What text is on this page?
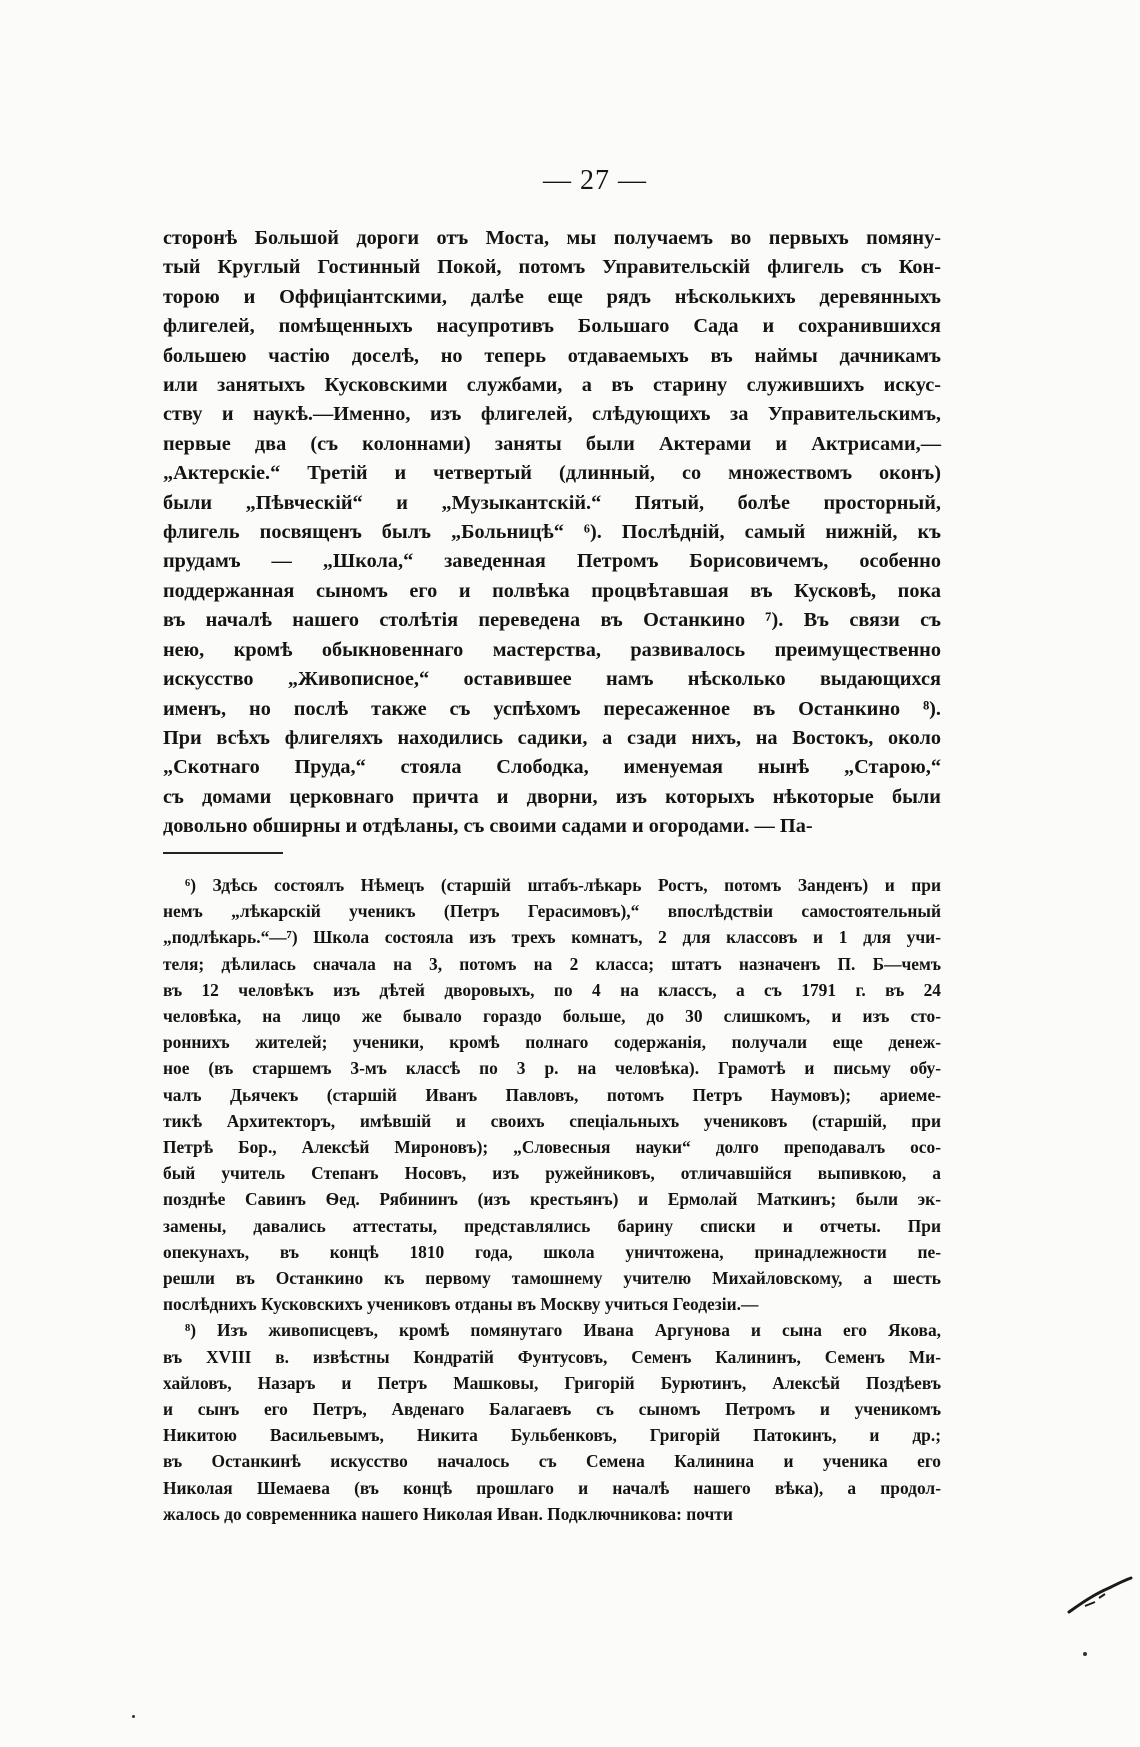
— 27 —
сторонѣ Большой дороги отъ Моста, мы получаемъ во первыхъ помяну-
тый Круглый Гостинный Покой, потомъ Управительскій флигель съ Кон-
торою и Оффиціантскими, далѣе еще рядъ нѣсколькихъ деревянныхъ
флигелей, помѣщенныхъ насупротивъ Большаго Сада и сохранившихся
большею частію доселѣ, но теперь отдаваемыхъ въ наймы дачникамъ
или занятыхъ Кусковскими службами, а въ старину служившихъ искус-
ству и наукѣ.—Именно, изъ флигелей, слѣдующихъ за Управительскимъ,
первые два (съ колоннами) заняты были Актерами и Актрисами,—
„Актерскіе.“ Третій и четвертый (длинный, со множествомъ оконъ)
были „Пѣвческій“ и „Музыкантскій.“ Пятый, болѣе просторный,
флигель посвященъ былъ „Больницѣ“ ⁶). Послѣдній, самый нижній, къ
прудамъ — „Школа,“ заведенная Петромъ Борисовичемъ, особенно
поддержанная сыномъ его и полвѣка процвѣтавшая въ Кусковѣ, пока
въ началѣ нашего столѣтія переведена въ Останкино ⁷). Въ связи съ
нею, кромѣ обыкновеннаго мастерства, развивалось преимущественно
искусство „Живописное,“ оставившее намъ нѣсколько выдающихся
именъ, но послѣ также съ успѣхомъ пересаженное въ Останкино ⁸).
При всѣхъ флигеляхъ находились садики, а сзади нихъ, на Востокъ, около
„Скотнаго Пруда,“ стояла Слободка, именуемая нынѣ „Старою,“
съ домами церковнаго причта и дворни, изъ которыхъ нѣкоторые были
довольно обширны и отдѣланы, съ своими садами и огородами. — Па-
⁶) Здѣсь состоялъ Нѣмецъ (старшій штабъ-лѣкарь Ростъ, потомъ Занденъ) и при
немъ „лѣкарскій ученикъ (Петръ Герасимовъ),“ впослѣдствіи самостоятельный
„подлѣкарь.“—⁷) Школа состояла изъ трехъ комнатъ, 2 для классовъ и 1 для учи-
теля; дѣлилась сначала на 3, потомъ на 2 класса; штатъ назначенъ П. Б—чемъ
въ 12 человѣкъ изъ дѣтей дворовыхъ, по 4 на классъ, а съ 1791 г. въ 24
человѣка, на лицо же бывало гораздо больше, до 30 слишкомъ, и изъ сто-
роннихъ жителей; ученики, кромѣ полнаго содержанія, получали еще денеж-
ное (въ старшемъ 3-мъ классѣ по 3 р. на человѣка). Грамотѣ и письму обу-
чалъ Дьячекъ (старшій Иванъ Павловъ, потомъ Петръ Наумовъ); ариеме-
тикѣ Архитекторъ, имѣвшій и своихъ спеціальныхъ учениковъ (старшій, при
Петрѣ Бор., Алексѣй Мироновъ); „Словесныя науки“ долго преподавалъ осо-
бый учитель Степанъ Носовъ, изъ ружейниковъ, отличавшійся выпивкою, а
позднѣе Савинъ Ѳед. Рябининъ (изъ крестьянъ) и Ермолай Маткинъ; были эк-
замены, давались аттестаты, представлялись барину списки и отчеты. При
опекунахъ, въ концѣ 1810 года, школа уничтожена, принадлежности пе-
решли въ Останкино къ первому тамошнему учителю Михайловскому, а шесть
послѣднихъ Кусковскихъ учениковъ отданы въ Москву учиться Геодезіи.—
⁸) Изъ живописцевъ, кромѣ помянутаго Ивана Аргунова и сына его Якова,
въ XVIII в. извѣстны Кондратій Фунтусовъ, Семенъ Калининъ, Семенъ Ми-
хайловъ, Назаръ и Петръ Машковы, Григорій Бурютинъ, Алексѣй Поздѣевъ
и сынъ его Петръ, Авденаго Балагаевъ съ сыномъ Петромъ и ученикомъ
Никитою Васильевымъ, Никита Бульбенковъ, Григорій Патокинъ, и др.;
въ Останкинѣ искусство началось съ Семена Калинина и ученика его
Николая Шемаева (въ концѣ прошлаго и началѣ нашего вѣка), а продол-
жалось до современника нашего Николая Иван. Подключникова: почти
